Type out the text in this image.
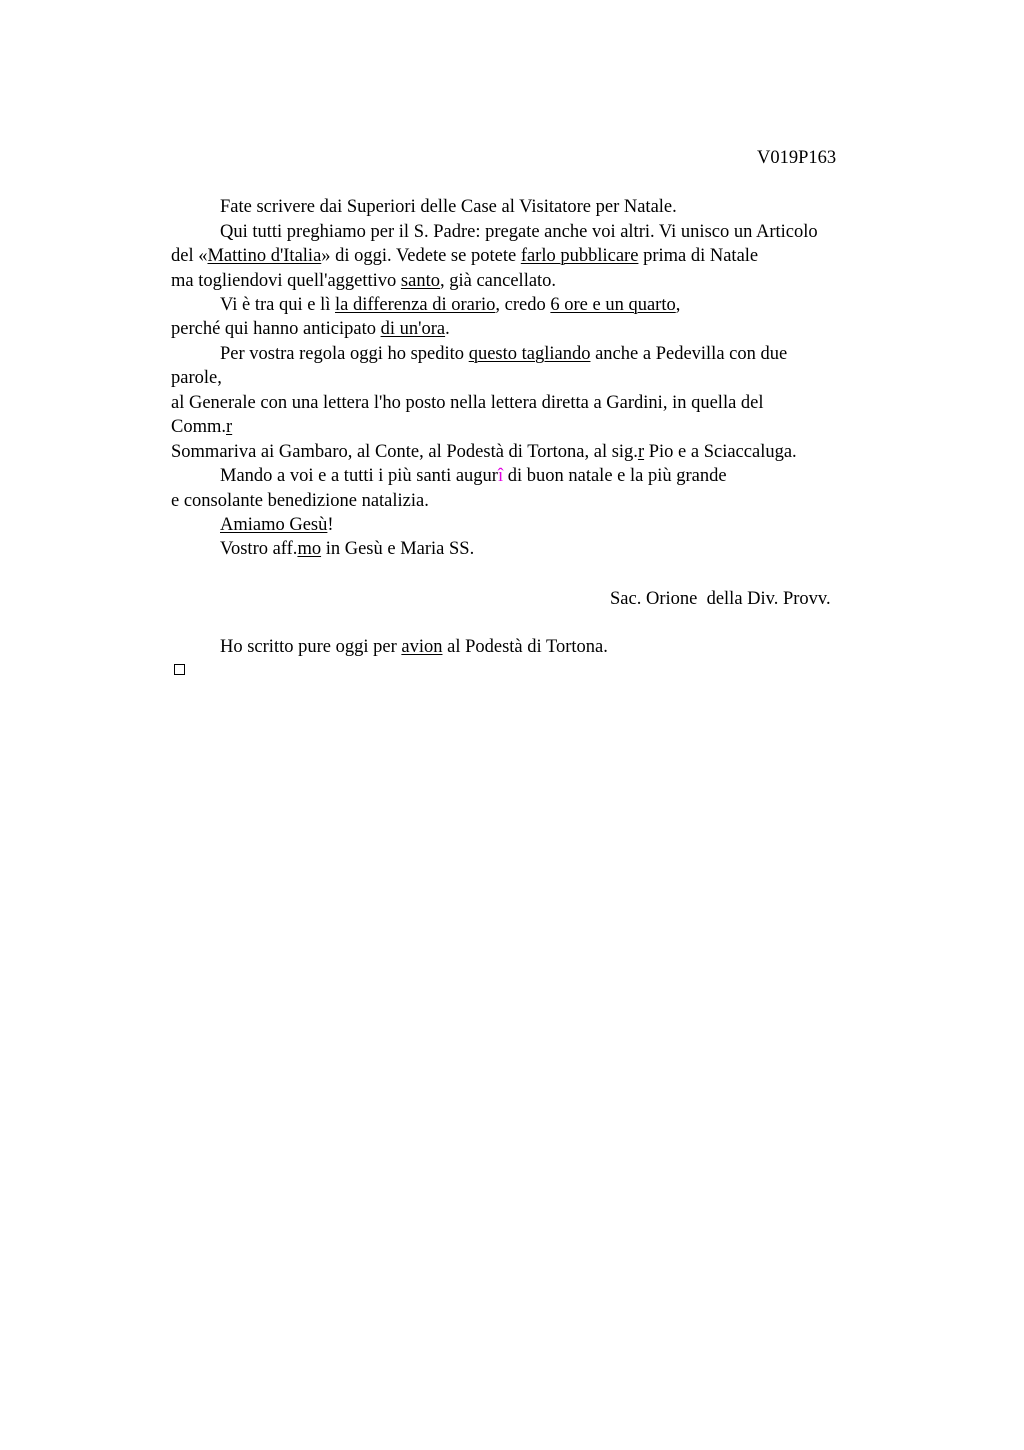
V019P163
Fate scrivere dai Superiori delle Case al Visitatore per Natale.
Qui tutti preghiamo per il S. Padre: pregate anche voi altri. Vi unisco un Articolo
del «Mattino d'Italia» di oggi. Vedete se potete farlo pubblicare prima di Natale
ma togliendovi quell'aggettivo santo, già cancellato.
Vi è tra qui e lì la differenza di orario, credo 6 ore e un quarto,
perché qui hanno anticipato di un'ora.
Per vostra regola oggi ho spedito questo tagliando anche a Pedevilla con due
parole,
al Generale con una lettera l'ho posto nella lettera diretta a Gardini, in quella del
Comm.r
Sommariva ai Gambaro, al Conte, al Podestà di Tortona, al sig.r Pio e a Sciaccaluga.
Mando a voi e a tutti i più santi augurî di buon natale e la più grande
e consolante benedizione natalizia.
Amiamo Gesù!
Vostro aff.mo in Gesù e Maria SS.
Sac. Orione  della Div. Provv.
Ho scritto pure oggi per avion al Podestà di Tortona.
